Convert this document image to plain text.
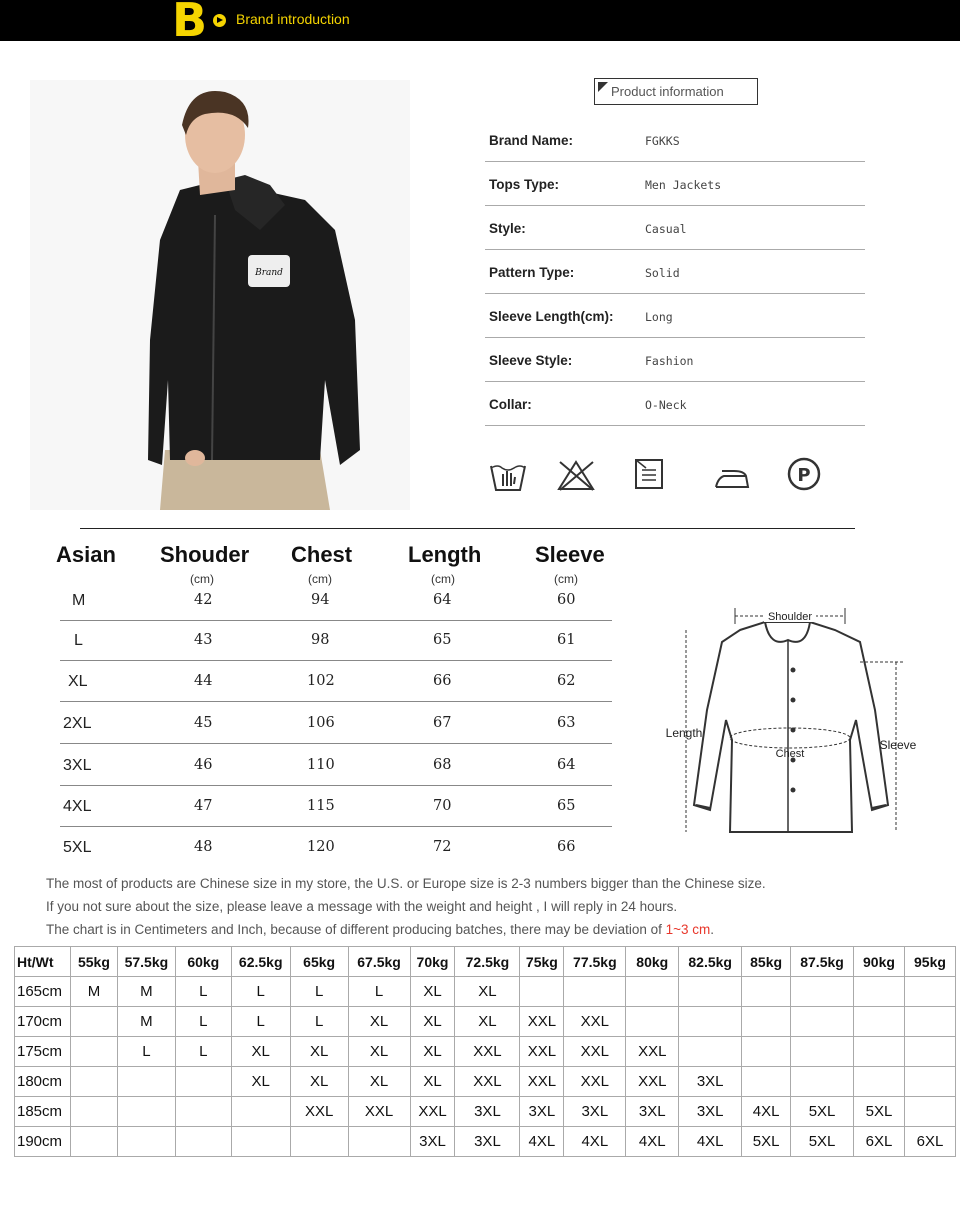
B Brand introduction
Brand
Product information
Brand Name:	FGKKS
Tops Type:	Men Jackets
Style:	Casual
Pattern Type:	Solid
Sleeve Length(cm):	Long
Sleeve Style:	Fashion
Collar:	O-Neck
P
Asian Shouder Chest	Length Sleeve
(cm)	(cm)	(cm)	(cm)
M	42	94	64	60
L	43	98	65	61
XL	44	102	66	62
2XL	45	106	67	63
3XL	46	110	68	64
4XL	47	115	70	65
5XL	48	120	72	66
Shoulder
Length
Chest
Sleeve
The most of products are Chinese size in my store, the U.S. or Europe size is 2-3 numbers bigger than the Chinese size.
If you not sure about the size, please leave a message with the weight and height , I will reply in 24 hours.
The chart is in Centimeters and Inch, because of different producing batches, there may be deviation of 1~3 cm.
Ht/Wt	55kg	57.5kg	60kg	62.5kg	65kg	67.5kg	70kg	72.5kg	75kg	77.5kg	80kg	82.5kg	85kg	87.5kg	90kg	95kg
165cm	M	M	L	L	L	L	XL	XL								
170cm		M	L	L	L	XL	XL	XL	XXL	XXL						
175cm		L	L	XL	XL	XL	XL	XXL	XXL	XXL	XXL					
180cm				XL	XL	XL	XL	XXL	XXL	XXL	XXL	3XL				
185cm					XXL	XXL	XXL	3XL	3XL	3XL	3XL	3XL	4XL	5XL	5XL	
190cm							3XL	3XL	4XL	4XL	4XL	4XL	5XL	5XL	6XL	6XL
